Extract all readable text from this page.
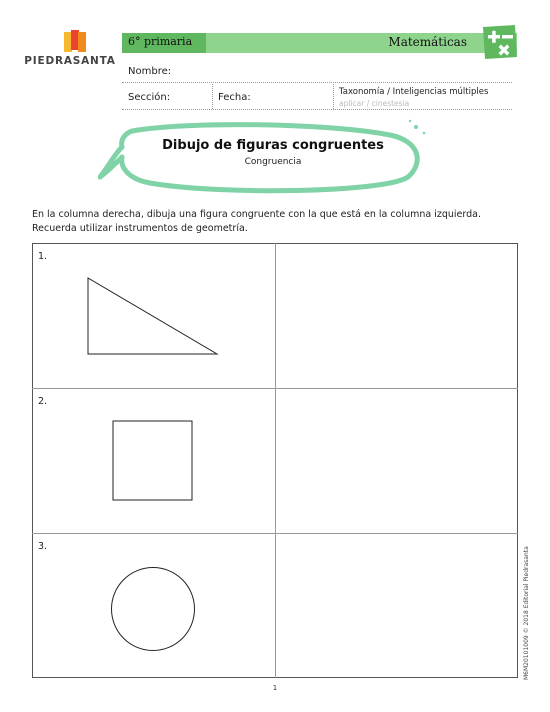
PIEDRASANTA
6° primaria	Matemáticas
Nombre:
Sección:	Fecha:	Taxonomía / Inteligencias múltiples
aplicar / cinestesia
Dibujo de figuras congruentes
Congruencia
En la columna derecha, dibuja una figura congruente con la que está en la columna izquierda. Recuerda utilizar instrumentos de geometría.
1.
2.
3.
1
M6M20101009 © 2018 Editorial Piedrasanta
